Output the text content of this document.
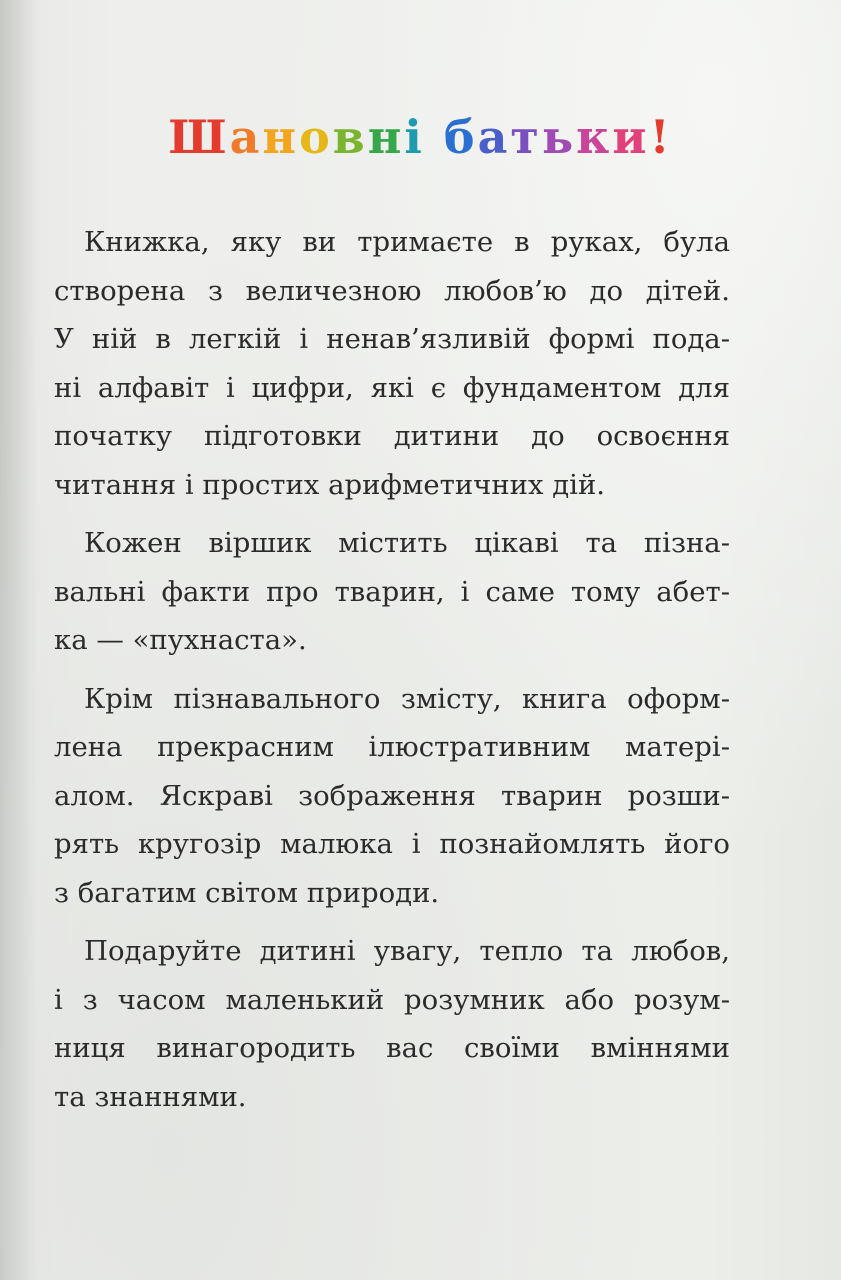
Шановні батьки!
Книжка, яку ви тримаєте в руках, була
створена з величезною любов’ю до дітей.
У ній в легкій і ненав’язливій формі пода-
ні алфавіт і цифри, які є фундаментом для
початку підготовки дитини до освоєння
читання і простих арифметичних дій.
Кожен віршик містить цікаві та пізна-
вальні факти про тварин, і саме тому абет-
ка — «пухнаста».
Крім пізнавального змісту, книга оформ-
лена прекрасним ілюстративним матері-
алом. Яскраві зображення тварин розши-
рять кругозір малюка і познайомлять його
з багатим світом природи.
Подаруйте дитині увагу, тепло та любов,
і з часом маленький розумник або розум-
ниця винагородить вас своїми вміннями
та знаннями.
